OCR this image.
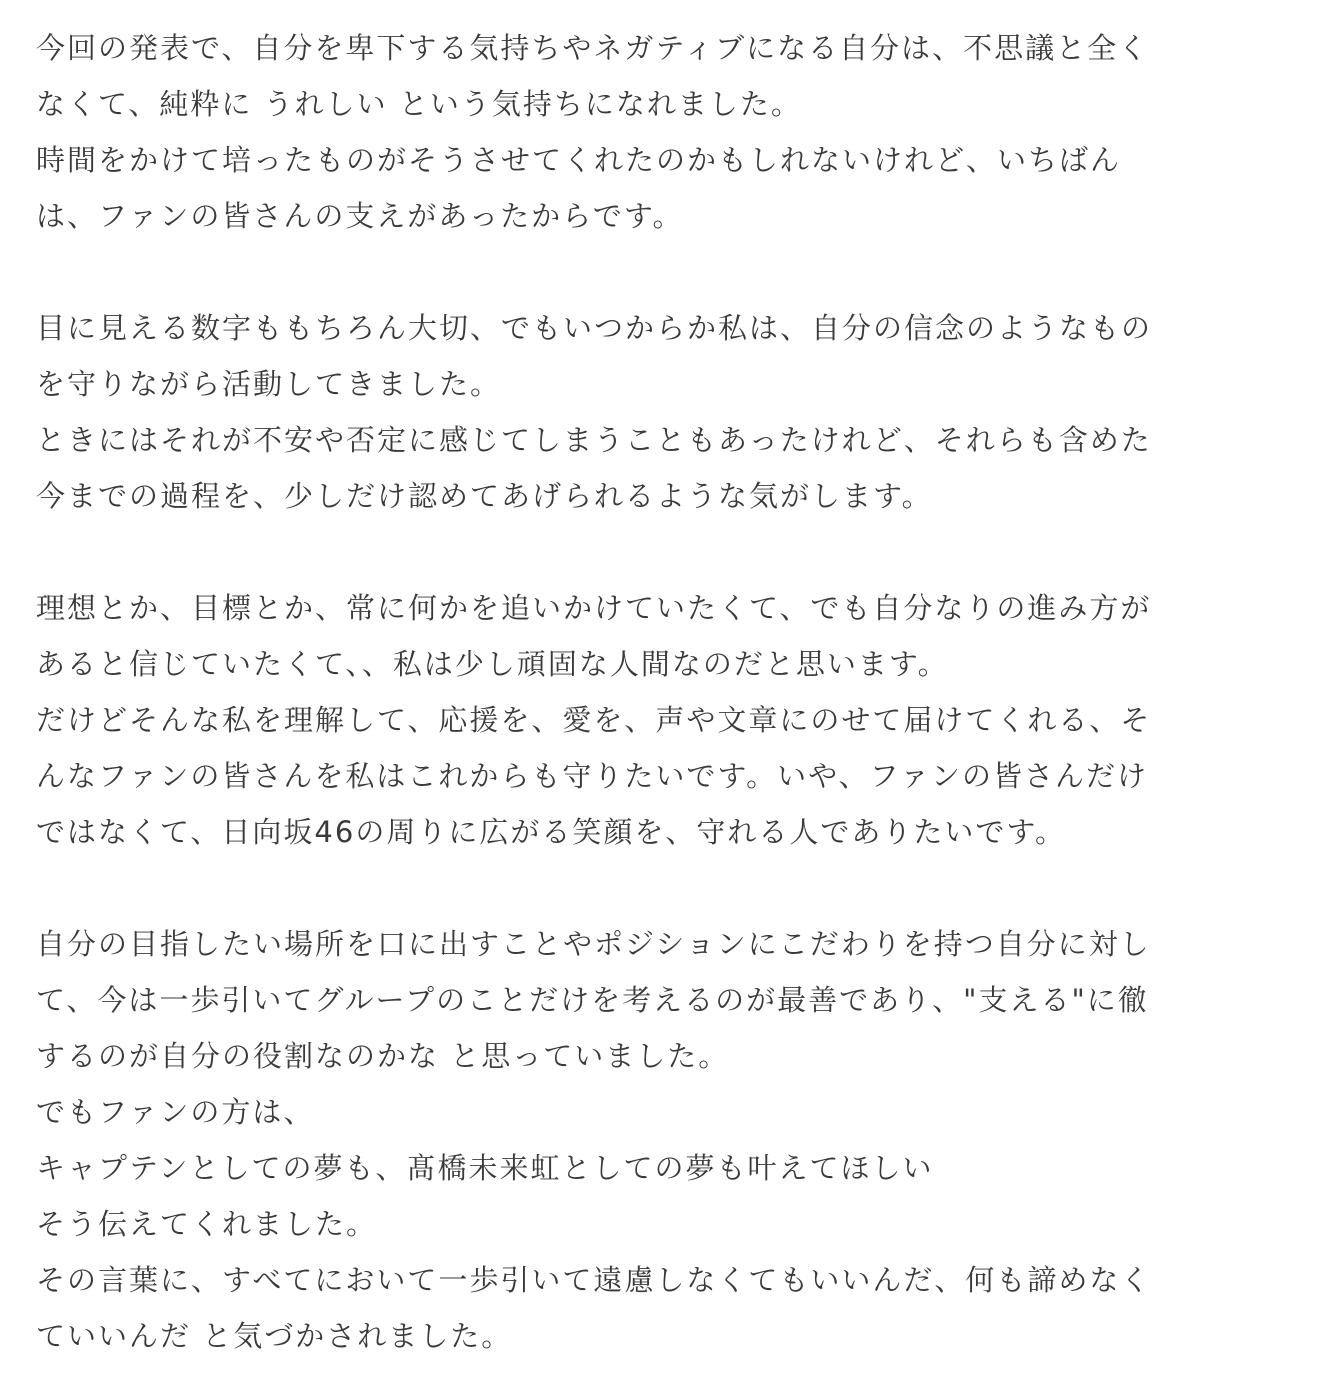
今回の発表で、自分を卑下する気持ちやネガティブになる自分は、不思議と全く
なくて、純粋に うれしい という気持ちになれました。
時間をかけて培ったものがそうさせてくれたのかもしれないけれど、いちばん
は、ファンの皆さんの支えがあったからです。
目に見える数字ももちろん大切、でもいつからか私は、自分の信念のようなもの
を守りながら活動してきました。
ときにはそれが不安や否定に感じてしまうこともあったけれど、それらも含めた
今までの過程を、少しだけ認めてあげられるような気がします。
理想とか、目標とか、常に何かを追いかけていたくて、でも自分なりの進み方が
あると信じていたくて、、私は少し頑固な人間なのだと思います。
だけどそんな私を理解して、応援を、愛を、声や文章にのせて届けてくれる、そ
んなファンの皆さんを私はこれからも守りたいです。いや、ファンの皆さんだけ
ではなくて、日向坂46の周りに広がる笑顔を、守れる人でありたいです。
自分の目指したい場所を口に出すことやポジションにこだわりを持つ自分に対し
て、今は一歩引いてグループのことだけを考えるのが最善であり、"支える"に徹
するのが自分の役割なのかな と思っていました。
でもファンの方は、
キャプテンとしての夢も、髙橋未来虹としての夢も叶えてほしい
そう伝えてくれました。
その言葉に、すべてにおいて一歩引いて遠慮しなくてもいいんだ、何も諦めなく
ていいんだ と気づかされました。
